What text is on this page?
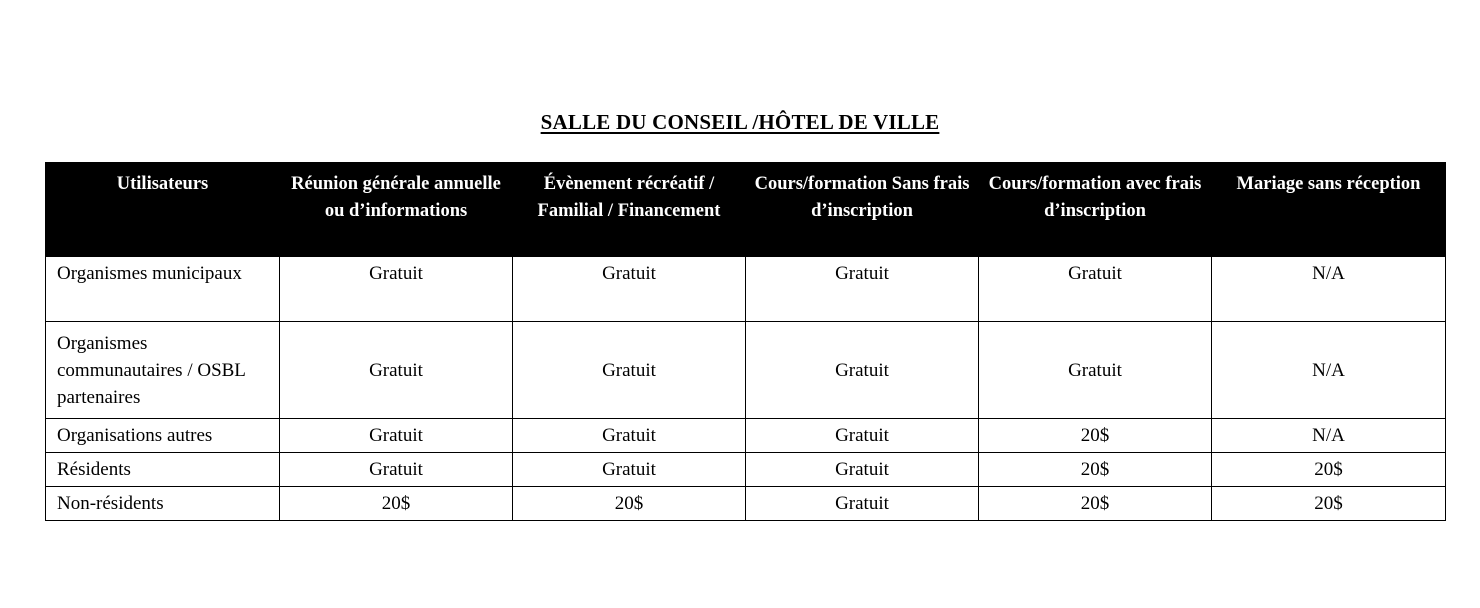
SALLE DU CONSEIL /HÔTEL DE VILLE
Utilisateurs	Réunion générale annuelle ou d’informations	Évènement récréatif / Familial / Financement	Cours/formation Sans frais d’inscription	Cours/formation avec frais d’inscription	Mariage sans réception
Organismes municipaux	Gratuit	Gratuit	Gratuit	Gratuit	N/A
Organismes communautaires / OSBL partenaires	Gratuit	Gratuit	Gratuit	Gratuit	N/A
Organisations autres	Gratuit	Gratuit	Gratuit	20$	N/A
Résidents	Gratuit	Gratuit	Gratuit	20$	20$
Non-résidents	20$	20$	Gratuit	20$	20$
